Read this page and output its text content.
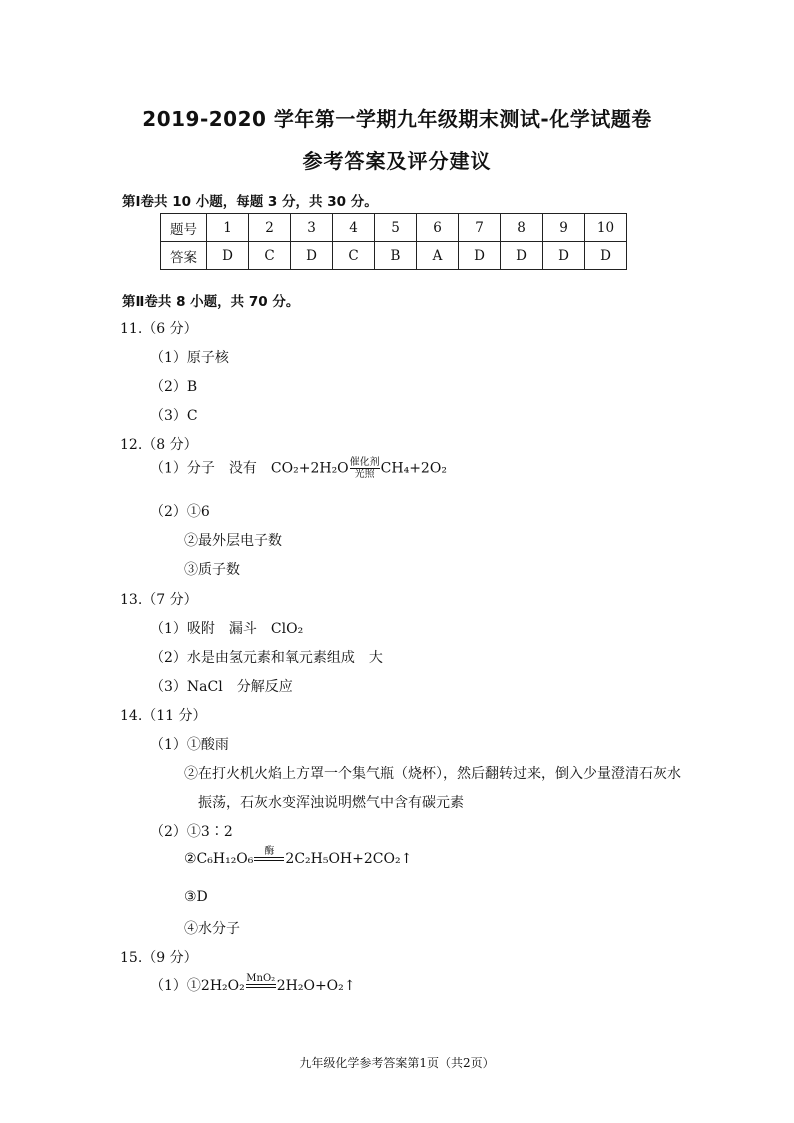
2019-2020 学年第一学期九年级期末测试-化学试题卷
参考答案及评分建议
第Ⅰ卷共 10 小题，每题 3 分，共 30 分。
题号	1	2	3	4	5	6	7	8	9	10
答案	D	C	D	C	B	A	D	D	D	D
第Ⅱ卷共 8 小题，共 70 分。
11.（6 分）
（1）原子核
（2）B
（3）C
12.（8 分）
（1）分子　没有　CO₂+2H₂O 催化剂
光照 CH₄+2O₂
（2）①6
②最外层电子数
③质子数
13.（7 分）
（1）吸附　漏斗　ClO₂
（2）水是由氢元素和氧元素组成　大
（3）NaCl　分解反应
14.（11 分）
（1）①酸雨
②在打火机火焰上方罩一个集气瓶（烧杯），然后翻转过来，倒入少量澄清石灰水
振荡，石灰水变浑浊说明燃气中含有碳元素
（2）①3∶2
②C₆H₁₂O₆ 酶 2C₂H₅OH+2CO₂↑
③D
④水分子
15.（9 分）
（1）①2H₂O₂ MnO₂ 2H₂O+O₂↑
九年级化学参考答案第1页（共2页）
